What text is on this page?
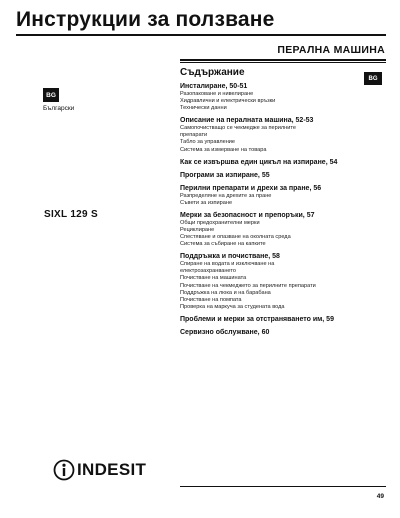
Инструкции за ползване
ПЕРАЛНА МАШИНА
BG
Български
BG
SIXL 129 S
Съдържание
Инсталиране, 50-51
Разопаковане и нивелиране
Хидравлични и електрически връзки
Технически данни
Описание на пералната машина, 52-53
Самопочистващо се чекмедже за перилните
препарати
Табло за управление
Система за измерване на товара
Как се извършва един цикъл на изпиране, 54
Програми за изпиране, 55
Перилни препарати и дрехи за пране, 56
Разпределяне на дрехите за пране
Съвети за изпиране
Мерки за безопасност и препоръки, 57
Общи предохранителни мерки
Рециклиране
Спестяване и опазване на околната среда
Система за събиране на капките
Поддръжка и почистване, 58
Спиране на водата и изключване на
електрозахранването
Почистване на машината
Почистване на чекмеджето за перилните препарати
Поддръжка на люка и на барабана
Почистване на помпата
Проверка на маркуча за студената вода
Проблеми и мерки за отстраняването им, 59
Сервизно обслужване, 60
INDESIT
49
